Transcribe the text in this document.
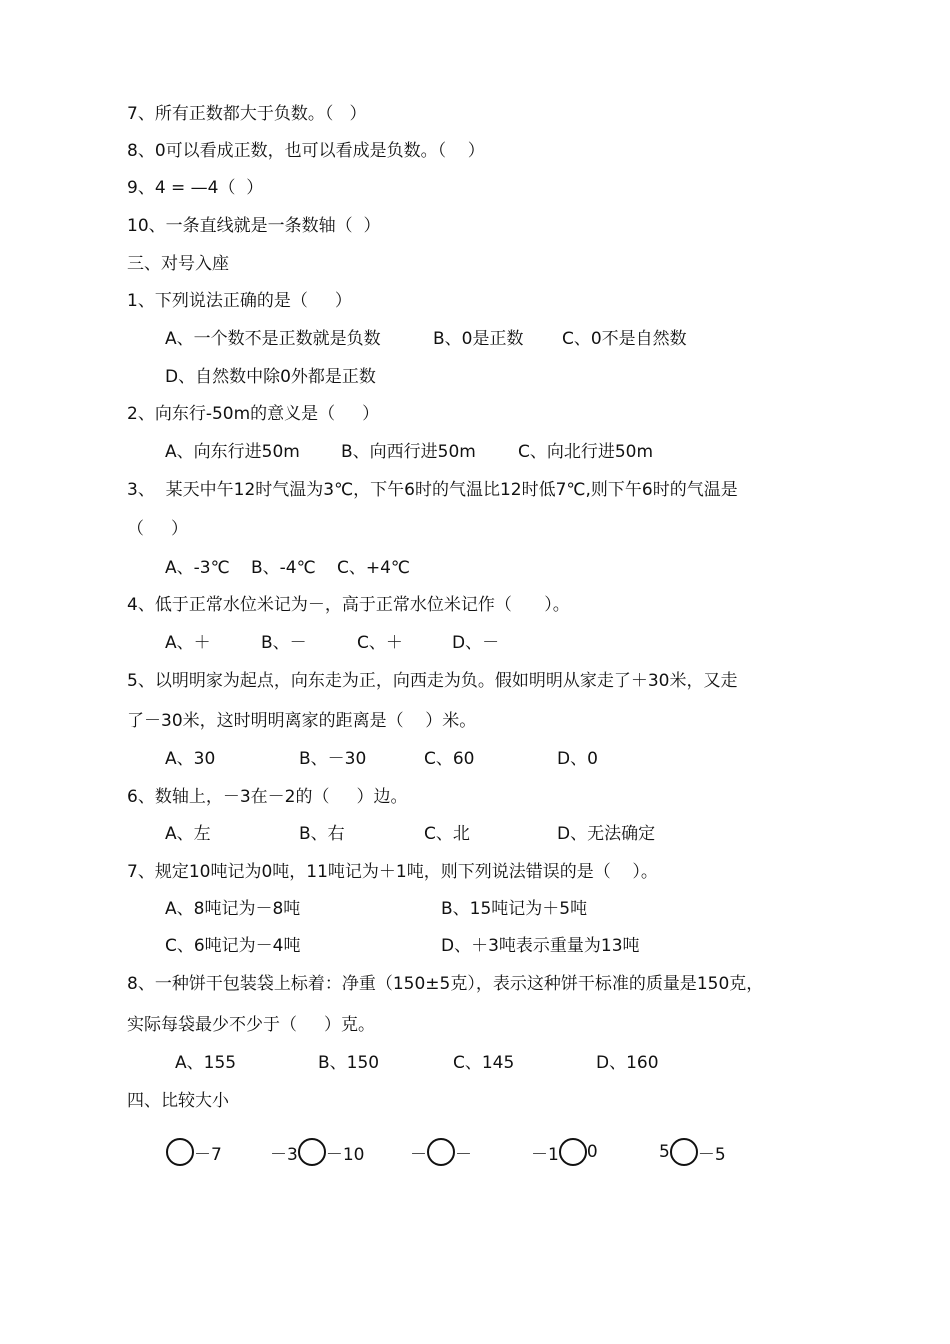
7、所有正数都大于负数。（   ）
8、0可以看成正数，也可以看成是负数。（    ）
9、4 = —4（  ）
10、一条直线就是一条数轴（  ）
三、对号入座
1、下列说法正确的是（     ）
A、一个数不是正数就是负数	B、0是正数 C、0不是自然数
D、自然数中除0外都是正数
2、向东行-50m的意义是（     ）
A、向东行进50m B、向西行进50m C、向北行进50m
3、  某天中午12时气温为3℃，下午6时的气温比12时低7℃,则下午6时的气温是
（     ）
A、-3℃ B、-4℃ C、+4℃
4、低于正常水位米记为－，高于正常水位米记作（      ）。
A、＋	B、－	C、＋	D、－
5、以明明家为起点，向东走为正，向西走为负。假如明明从家走了＋30米，又走
了－30米，这时明明离家的距离是（    ）米。
A、30	B、－30	C、60	D、0
6、数轴上，－3在－2的（     ）边。
A、左	B、右	C、北	D、无法确定
7、规定10吨记为0吨，11吨记为＋1吨，则下列说法错误的是（    ）。
A、8吨记为－8吨	B、15吨记为＋5吨
C、6吨记为－4吨	D、＋3吨表示重量为13吨
8、一种饼干包装袋上标着：净重（150±5克），表示这种饼干标准的质量是150克，
实际每袋最少不少于（     ）克。
A、155	B、150	C、145	D、160
四、比较大小
－7	－3 －10	－ －	－1 0	5 －5
